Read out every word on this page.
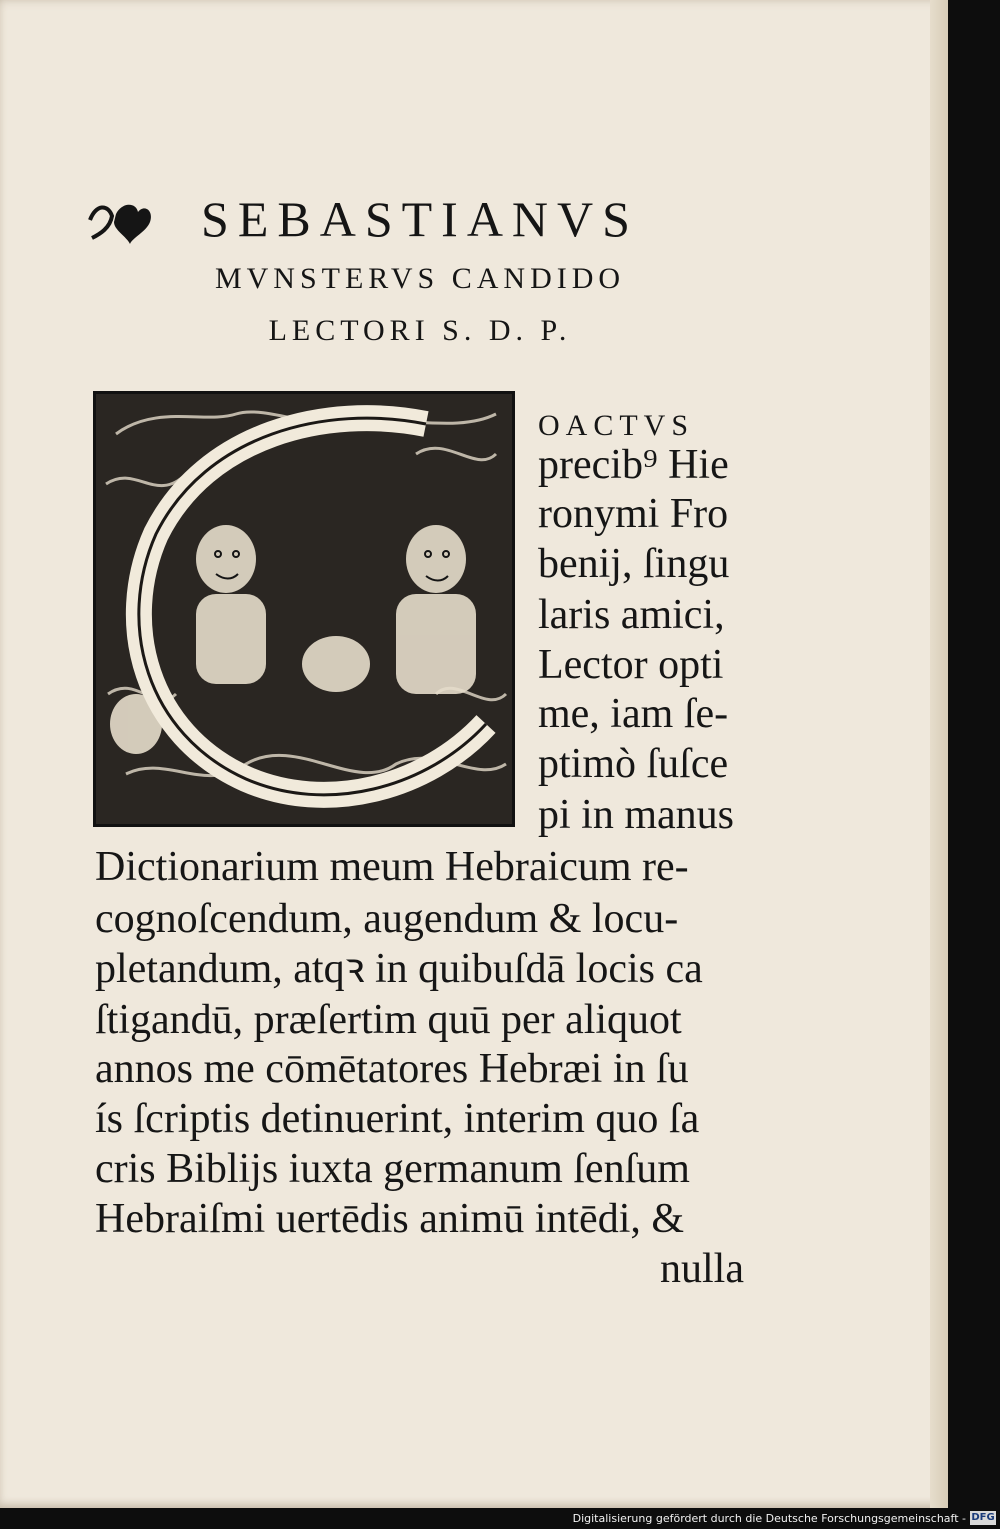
SEBASTIANVS
MVNSTERVS CANDIDO
LECTORI S. D. P.
OACTVS
precib⁹ Hie
ronymi Fro
benij, ſingu
laris amici,
Lector opti
me, iam ſe‐
ptimò ſuſce
pi in manus
Dictionarium meum Hebraicum re‐
cognoſcendum, augendum & locu‐
pletandum, atqꝛ in quibuſdā locis ca
ſtigandū, præſertim quū per aliquot
annos me cōmētatores Hebræi in ſu
ís ſcriptis detinuerint, interim quo ſa
cris Biblijs iuxta germanum ſenſum
Hebraiſmi uertēdis animū intēdi, &
nulla
Digitalisierung gefördert durch die Deutsche Forschungsgemeinschaft - DFG
